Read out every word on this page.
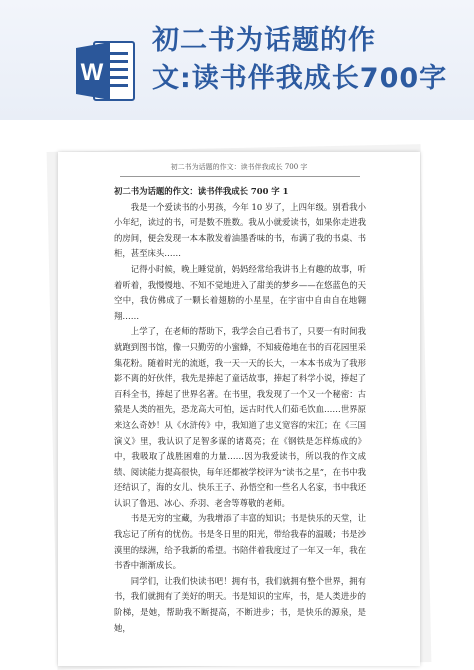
W
初二书为话题的作
文:读书伴我成长700字
初二书为话题的作文：读书伴我成长 700 字
初二书为话题的作文：读书伴我成长 700 字 1

我是一个爱读书的小男孩，今年 10 岁了，上四年级。别看我小小年纪，读过的书，可是数不胜数。我从小就爱读书，如果你走进我的房间，便会发现一本本散发着油墨香味的书，布满了我的书桌、书柜，甚至床头……

记得小时候，晚上睡觉前，妈妈经常给我讲书上有趣的故事，听着听着，我慢慢地、不知不觉地进入了甜美的梦乡——在悠蓝色的天空中，我仿佛成了一颗长着翅膀的小星星，在宇宙中自由自在地翱翔……

上学了，在老师的帮助下，我学会自己看书了，只要一有时间我就跑到图书馆，像一只勤劳的小蜜蜂，不知疲倦地在书的百花园里采集花粉。随着时光的流逝，我一天一天的长大，一本本书成为了我形影不离的好伙伴，我先是捧起了童话故事，捧起了科学小说，捧起了百科全书，捧起了世界名著。在书里，我发现了一个又一个秘密：古猿是人类的祖先，恐龙高大可怕，远古时代人们茹毛饮血……世界原来这么奇妙！从《水浒传》中，我知道了忠义宽容的宋江；在《三国演义》里，我认识了足智多谋的诸葛亮；在《钢铁是怎样炼成的》中，我吸取了战胜困难的力量……因为我爱读书，所以我的作文成绩、阅读能力提高很快，每年还都被学校评为“读书之星”，在书中我还结识了，海的女儿、快乐王子、孙悟空和一些名人名家，书中我还认识了鲁迅、冰心、乔羽、老舍等尊敬的老师。

书是无穷的宝藏，为我增添了丰富的知识；书是快乐的天堂，让我忘记了所有的忧伤。书是冬日里的阳光，带给我春的温暖；书是沙漠里的绿洲，给予我新的希望。书陪伴着我度过了一年又一年，我在书香中渐渐成长。

同学们，让我们快读书吧！拥有书，我们就拥有整个世界，拥有书，我们就拥有了美好的明天。书是知识的宝库，书，是人类进步的阶梯，是她，帮助我不断提高，不断进步；书，是快乐的源泉，是她，
